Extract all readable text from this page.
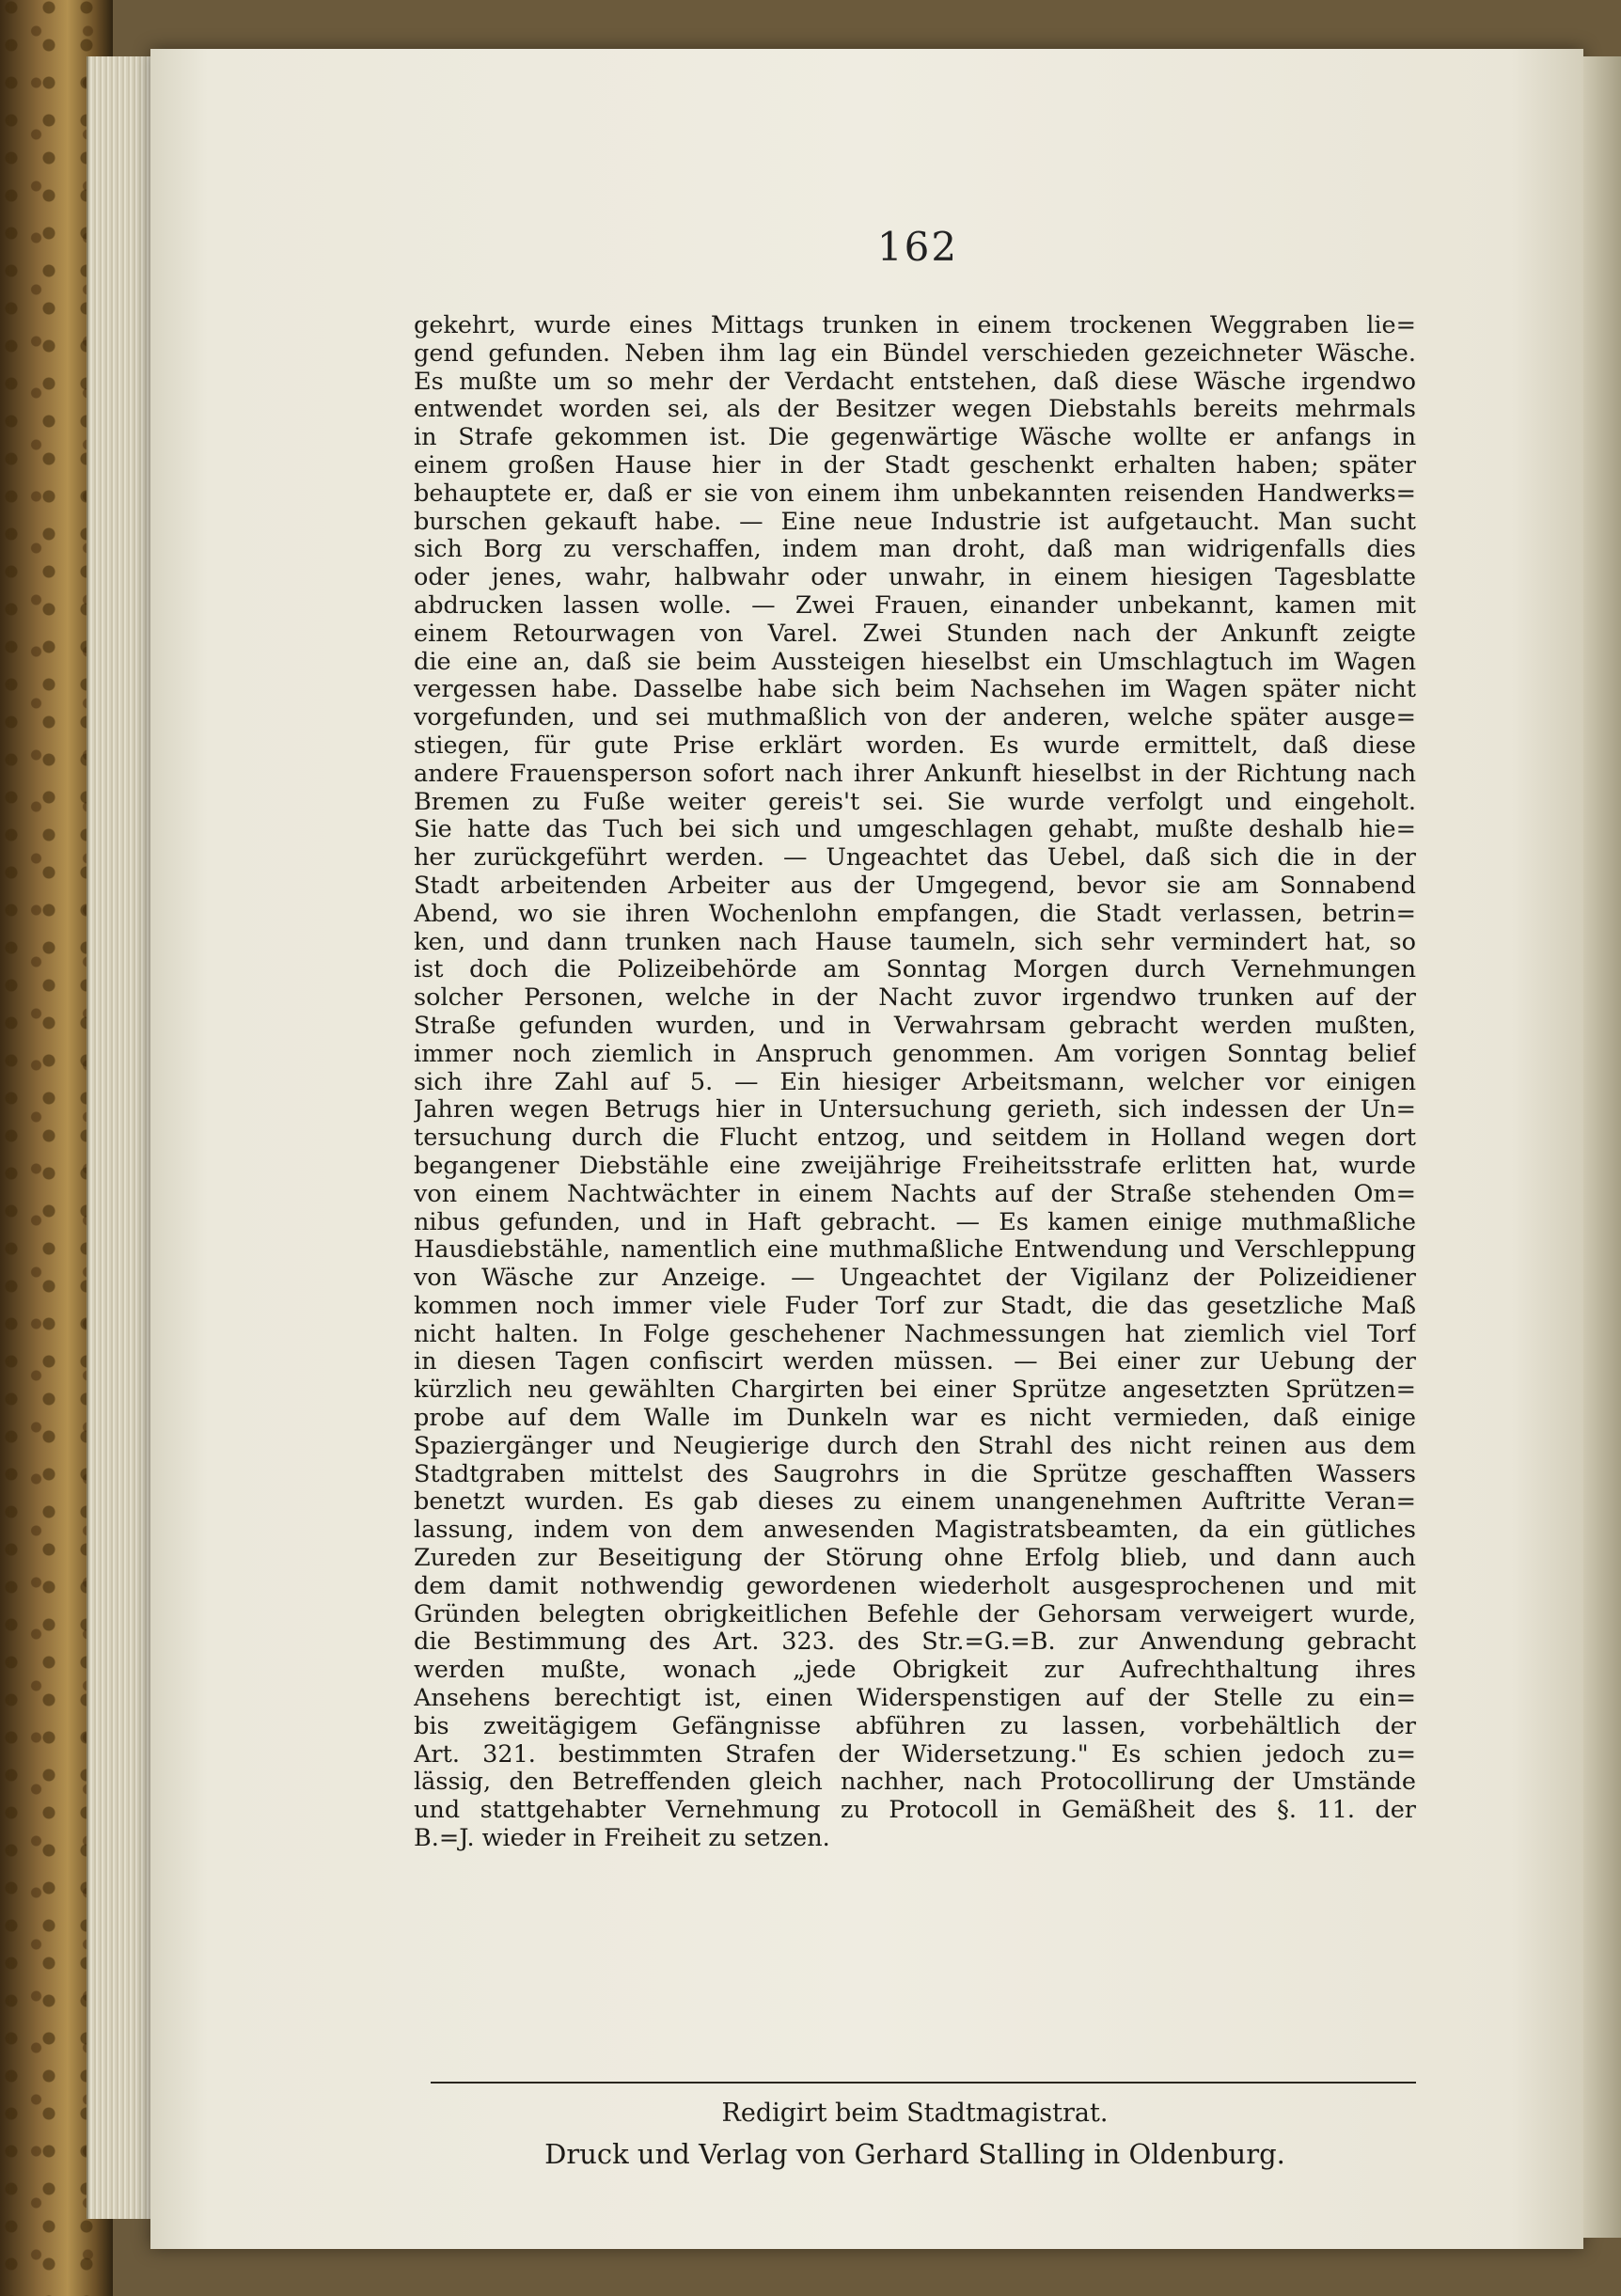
162
gekehrt, wurde eines Mittags trunken in einem trockenen Weggraben lie=
gend gefunden. Neben ihm lag ein Bündel verschieden gezeichneter Wäsche.
Es mußte um so mehr der Verdacht entstehen, daß diese Wäsche irgendwo
entwendet worden sei, als der Besitzer wegen Diebstahls bereits mehrmals
in Strafe gekommen ist. Die gegenwärtige Wäsche wollte er anfangs in
einem großen Hause hier in der Stadt geschenkt erhalten haben; später
behauptete er, daß er sie von einem ihm unbekannten reisenden Handwerks=
burschen gekauft habe. — Eine neue Industrie ist aufgetaucht. Man sucht
sich Borg zu verschaffen, indem man droht, daß man widrigenfalls dies
oder jenes, wahr, halbwahr oder unwahr, in einem hiesigen Tagesblatte
abdrucken lassen wolle. — Zwei Frauen, einander unbekannt, kamen mit
einem Retourwagen von Varel. Zwei Stunden nach der Ankunft zeigte
die eine an, daß sie beim Aussteigen hieselbst ein Umschlagtuch im Wagen
vergessen habe. Dasselbe habe sich beim Nachsehen im Wagen später nicht
vorgefunden, und sei muthmaßlich von der anderen, welche später ausge=
stiegen, für gute Prise erklärt worden. Es wurde ermittelt, daß diese
andere Frauensperson sofort nach ihrer Ankunft hieselbst in der Richtung nach
Bremen zu Fuße weiter gereis't sei. Sie wurde verfolgt und eingeholt.
Sie hatte das Tuch bei sich und umgeschlagen gehabt, mußte deshalb hie=
her zurückgeführt werden. — Ungeachtet das Uebel, daß sich die in der
Stadt arbeitenden Arbeiter aus der Umgegend, bevor sie am Sonnabend
Abend, wo sie ihren Wochenlohn empfangen, die Stadt verlassen, betrin=
ken, und dann trunken nach Hause taumeln, sich sehr vermindert hat, so
ist doch die Polizeibehörde am Sonntag Morgen durch Vernehmungen
solcher Personen, welche in der Nacht zuvor irgendwo trunken auf der
Straße gefunden wurden, und in Verwahrsam gebracht werden mußten,
immer noch ziemlich in Anspruch genommen. Am vorigen Sonntag belief
sich ihre Zahl auf 5. — Ein hiesiger Arbeitsmann, welcher vor einigen
Jahren wegen Betrugs hier in Untersuchung gerieth, sich indessen der Un=
tersuchung durch die Flucht entzog, und seitdem in Holland wegen dort
begangener Diebstähle eine zweijährige Freiheitsstrafe erlitten hat, wurde
von einem Nachtwächter in einem Nachts auf der Straße stehenden Om=
nibus gefunden, und in Haft gebracht. — Es kamen einige muthmaßliche
Hausdiebstähle, namentlich eine muthmaßliche Entwendung und Verschleppung
von Wäsche zur Anzeige. — Ungeachtet der Vigilanz der Polizeidiener
kommen noch immer viele Fuder Torf zur Stadt, die das gesetzliche Maß
nicht halten. In Folge geschehener Nachmessungen hat ziemlich viel Torf
in diesen Tagen confiscirt werden müssen. — Bei einer zur Uebung der
kürzlich neu gewählten Chargirten bei einer Sprütze angesetzten Sprützen=
probe auf dem Walle im Dunkeln war es nicht vermieden, daß einige
Spaziergänger und Neugierige durch den Strahl des nicht reinen aus dem
Stadtgraben mittelst des Saugrohrs in die Sprütze geschafften Wassers
benetzt wurden. Es gab dieses zu einem unangenehmen Auftritte Veran=
lassung, indem von dem anwesenden Magistratsbeamten, da ein gütliches
Zureden zur Beseitigung der Störung ohne Erfolg blieb, und dann auch
dem damit nothwendig gewordenen wiederholt ausgesprochenen und mit
Gründen belegten obrigkeitlichen Befehle der Gehorsam verweigert wurde,
die Bestimmung des Art. 323. des Str.=G.=B. zur Anwendung gebracht
werden mußte, wonach „jede Obrigkeit zur Aufrechthaltung ihres
Ansehens berechtigt ist, einen Widerspenstigen auf der Stelle zu ein=
bis zweitägigem Gefängnisse abführen zu lassen, vorbehältlich der
Art. 321. bestimmten Strafen der Widersetzung." Es schien jedoch zu=
lässig, den Betreffenden gleich nachher, nach Protocollirung der Umstände
und stattgehabter Vernehmung zu Protocoll in Gemäßheit des §. 11. der
B.=J. wieder in Freiheit zu setzen.
Redigirt beim Stadtmagistrat.
Druck und Verlag von Gerhard Stalling in Oldenburg.
